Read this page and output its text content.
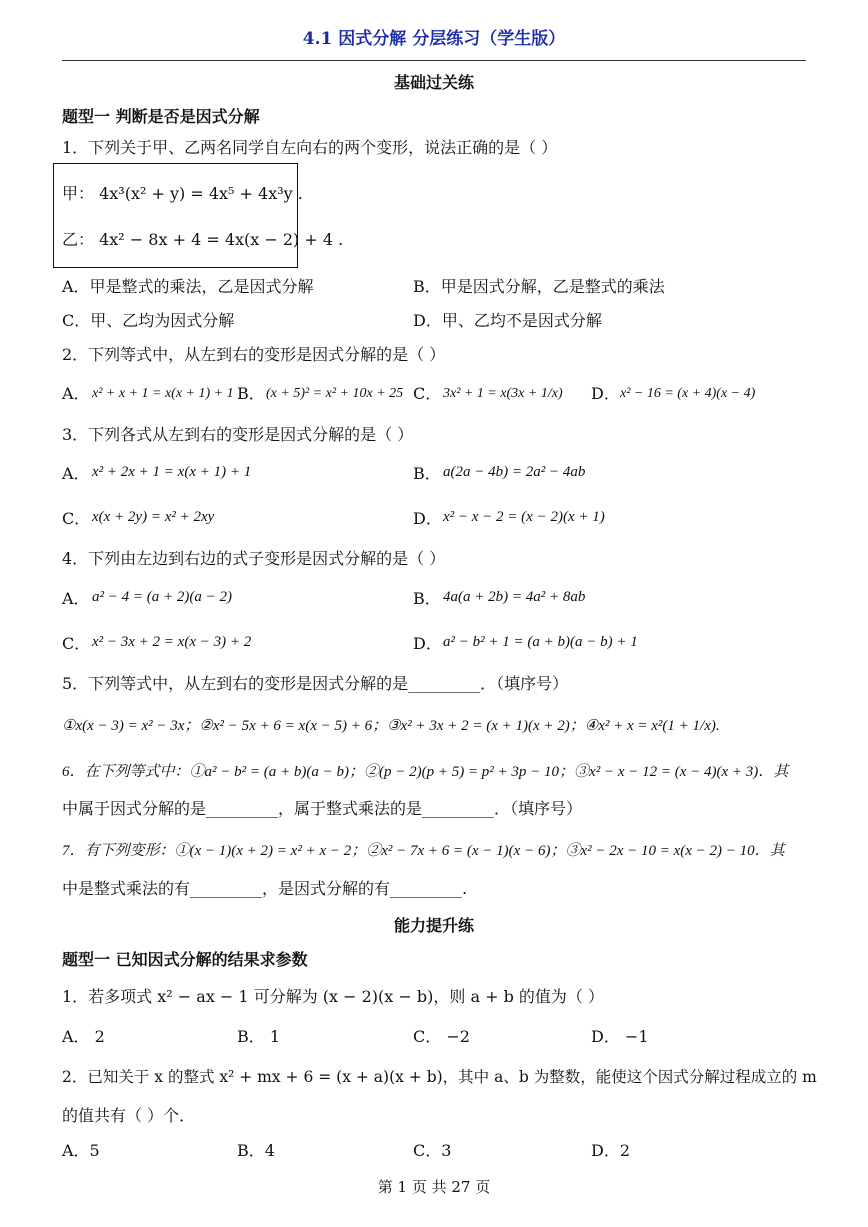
4.1 因式分解 分层练习（学生版）
基础过关练
题型一 判断是否是因式分解
1．下列关于甲、乙两名同学自左向右的两个变形，说法正确的是（ ）
甲： 4x³(x² + y) = 4x⁵ + 4x³y .
乙： 4x² − 8x + 4 = 4x(x − 2) + 4 .
A．甲是整式的乘法，乙是因式分解	B．甲是因式分解，乙是整式的乘法
C．甲、乙均为因式分解	D．甲、乙均不是因式分解
2．下列等式中，从左到右的变形是因式分解的是（ ）
A． x² + x + 1 = x(x + 1) + 1 B． (x + 5)² = x² + 10x + 25 C． 3x² + 1 = x(3x + 1/x) D． x² − 16 = (x + 4)(x − 4)
3．下列各式从左到右的变形是因式分解的是（ ）
A． x² + 2x + 1 = x(x + 1) + 1	B． a(2a − 4b) = 2a² − 4ab
C． x(x + 2y) = x² + 2xy	D． x² − x − 2 = (x − 2)(x + 1)
4．下列由左边到右边的式子变形是因式分解的是（ ）
A． a² − 4 = (a + 2)(a − 2)	B． 4a(a + 2b) = 4a² + 8ab
C． x² − 3x + 2 = x(x − 3) + 2	D． a² − b² + 1 = (a + b)(a − b) + 1
5．下列等式中，从左到右的变形是因式分解的是_________．（填序号）
①x(x − 3) = x² − 3x；②x² − 5x + 6 = x(x − 5) + 6；③x² + 3x + 2 = (x + 1)(x + 2)；④x² + x = x²(1 + 1/x).
6．在下列等式中：①a² − b² = (a + b)(a − b)；②(p − 2)(p + 5) = p² + 3p − 10；③x² − x − 12 = (x − 4)(x + 3)．其
中属于因式分解的是_________，属于整式乘法的是_________．（填序号）
7．有下列变形：①(x − 1)(x + 2) = x² + x − 2；②x² − 7x + 6 = (x − 1)(x − 6)；③x² − 2x − 10 = x(x − 2) − 10．其
中是整式乘法的有_________，是因式分解的有_________.
能力提升练
题型一 已知因式分解的结果求参数
1．若多项式 x² − ax − 1 可分解为 (x − 2)(x − b)，则 a + b 的值为（ ）
A． 2	B． 1	C． −2	D． −1
2．已知关于 x 的整式 x² + mx + 6 = (x + a)(x + b)，其中 a、b 为整数，能使这个因式分解过程成立的 m
的值共有（ ）个．
A．5	B．4	C．3	D．2
第 1 页 共 27 页
